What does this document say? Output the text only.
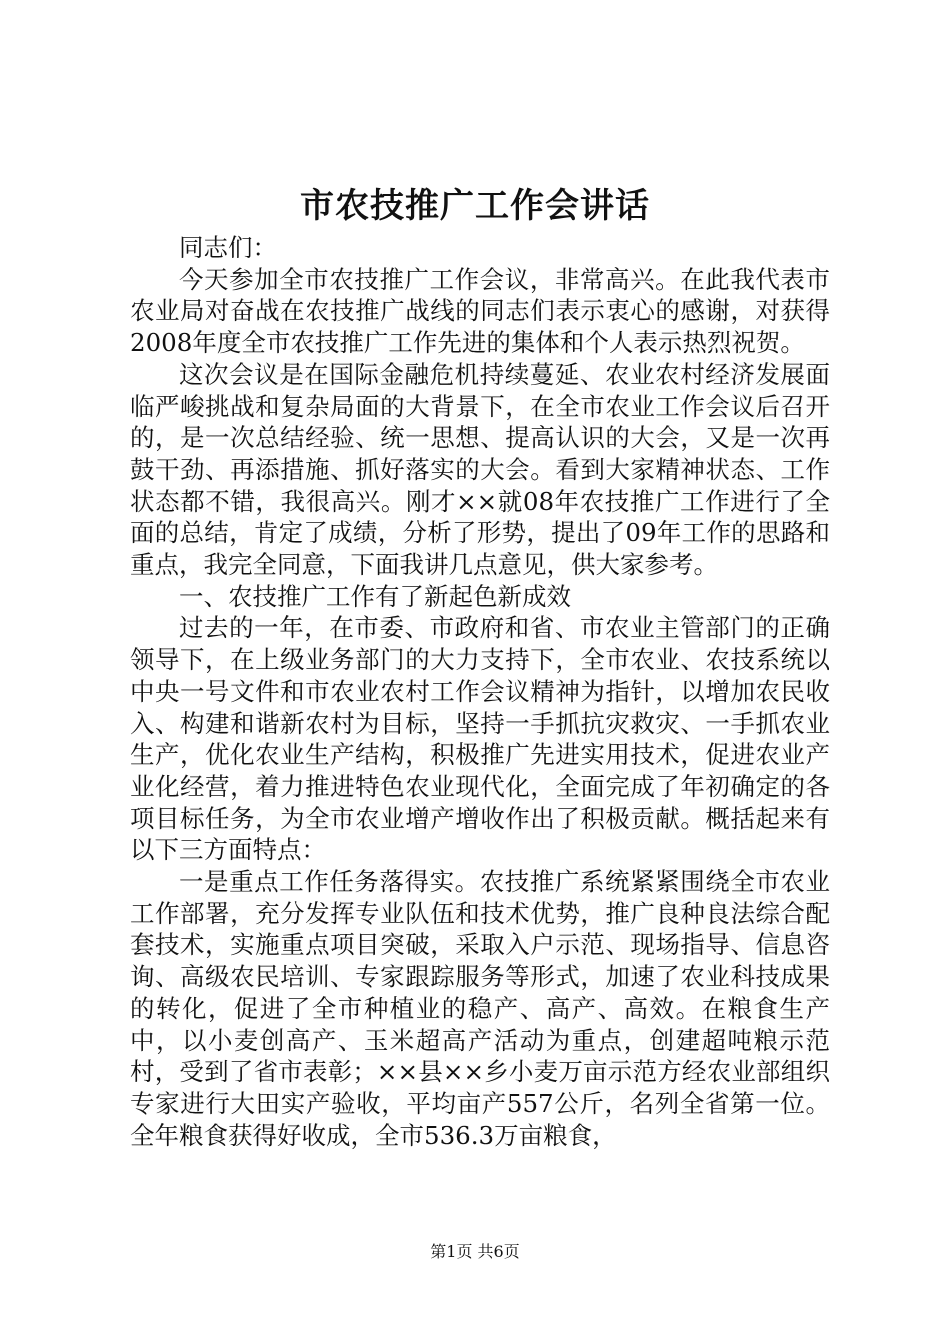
市农技推广工作会讲话

同志们：

今天参加全市农技推广工作会议，非常高兴。在此我代表市农业局对奋战在农技推广战线的同志们表示衷心的感谢，对获得2008年度全市农技推广工作先进的集体和个人表示热烈祝贺。

这次会议是在国际金融危机持续蔓延、农业农村经济发展面临严峻挑战和复杂局面的大背景下，在全市农业工作会议后召开的，是一次总结经验、统一思想、提高认识的大会，又是一次再鼓干劲、再添措施、抓好落实的大会。看到大家精神状态、工作状态都不错，我很高兴。刚才××就08年农技推广工作进行了全面的总结，肯定了成绩，分析了形势，提出了09年工作的思路和重点，我完全同意，下面我讲几点意见，供大家参考。

一、农技推广工作有了新起色新成效

过去的一年，在市委、市政府和省、市农业主管部门的正确领导下，在上级业务部门的大力支持下，全市农业、农技系统以中央一号文件和市农业农村工作会议精神为指针，以增加农民收入、构建和谐新农村为目标，坚持一手抓抗灾救灾、一手抓农业生产，优化农业生产结构，积极推广先进实用技术，促进农业产业化经营，着力推进特色农业现代化，全面完成了年初确定的各项目标任务，为全市农业增产增收作出了积极贡献。概括起来有以下三方面特点：

一是重点工作任务落得实。农技推广系统紧紧围绕全市农业工作部署，充分发挥专业队伍和技术优势，推广良种良法综合配套技术，实施重点项目突破，采取入户示范、现场指导、信息咨询、高级农民培训、专家跟踪服务等形式，加速了农业科技成果的转化，促进了全市种植业的稳产、高产、高效。在粮食生产中，以小麦创高产、玉米超高产活动为重点，创建超吨粮示范村，受到了省市表彰；××县××乡小麦万亩示范方经农业部组织专家进行大田实产验收，平均亩产557公斤，名列全省第一位。全年粮食获得好收成，全市536.3万亩粮食，

第1页 共6页
